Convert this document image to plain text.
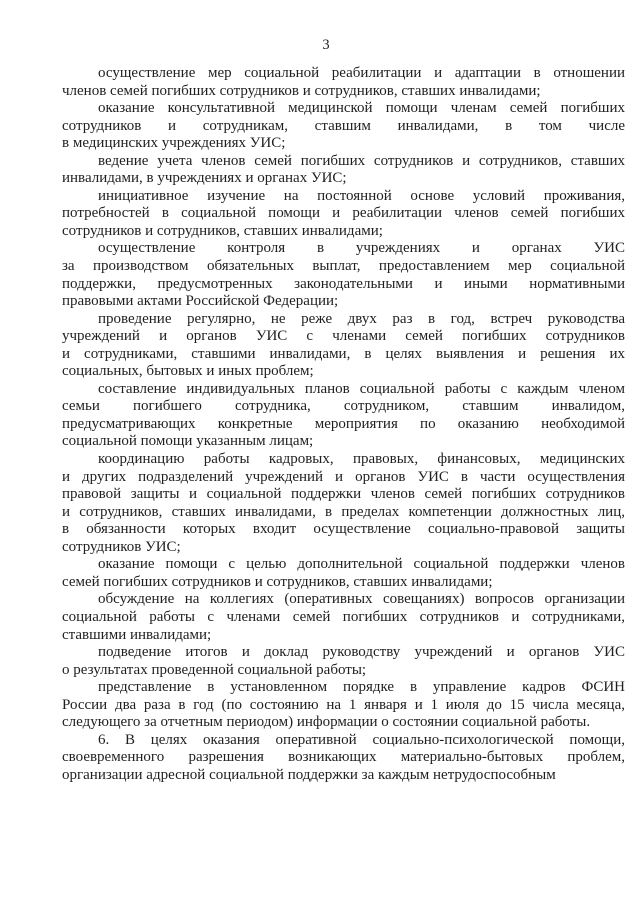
3

осуществление мер социальной реабилитации и адаптации в отношении
членов семей погибших сотрудников и сотрудников, ставших инвалидами;

оказание консультативной медицинской помощи членам семей погибших
сотрудников и сотрудникам, ставшим инвалидами, в том числе
в медицинских учреждениях УИС;

ведение учета членов семей погибших сотрудников и сотрудников, ставших
инвалидами, в учреждениях и органах УИС;

инициативное изучение на постоянной основе условий проживания,
потребностей в социальной помощи и реабилитации членов семей погибших
сотрудников и сотрудников, ставших инвалидами;

осуществление контроля в учреждениях и органах УИС
за производством обязательных выплат, предоставлением мер социальной
поддержки, предусмотренных законодательными и иными нормативными
правовыми актами Российской Федерации;

проведение регулярно, не реже двух раз в год, встреч руководства
учреждений и органов УИС с членами семей погибших сотрудников
и сотрудниками, ставшими инвалидами, в целях выявления и решения их
социальных, бытовых и иных проблем;

составление индивидуальных планов социальной работы с каждым членом
семьи погибшего сотрудника, сотрудником, ставшим инвалидом,
предусматривающих конкретные мероприятия по оказанию необходимой
социальной помощи указанным лицам;

координацию работы кадровых, правовых, финансовых, медицинских
и других подразделений учреждений и органов УИС в части осуществления
правовой защиты и социальной поддержки членов семей погибших сотрудников
и сотрудников, ставших инвалидами, в пределах компетенции должностных лиц,
в обязанности которых входит осуществление социально-правовой защиты
сотрудников УИС;

оказание помощи с целью дополнительной социальной поддержки членов
семей погибших сотрудников и сотрудников, ставших инвалидами;

обсуждение на коллегиях (оперативных совещаниях) вопросов организации
социальной работы с членами семей погибших сотрудников и сотрудниками,
ставшими инвалидами;

подведение итогов и доклад руководству учреждений и органов УИС
о результатах проведенной социальной работы;

представление в установленном порядке в управление кадров ФСИН
России два раза в год (по состоянию на 1 января и 1 июля до 15 числа месяца,
следующего за отчетным периодом) информации о состоянии социальной работы.

6. В целях оказания оперативной социально-психологической помощи,
своевременного разрешения возникающих материально-бытовых проблем,
организации адресной социальной поддержки за каждым нетрудоспособным
